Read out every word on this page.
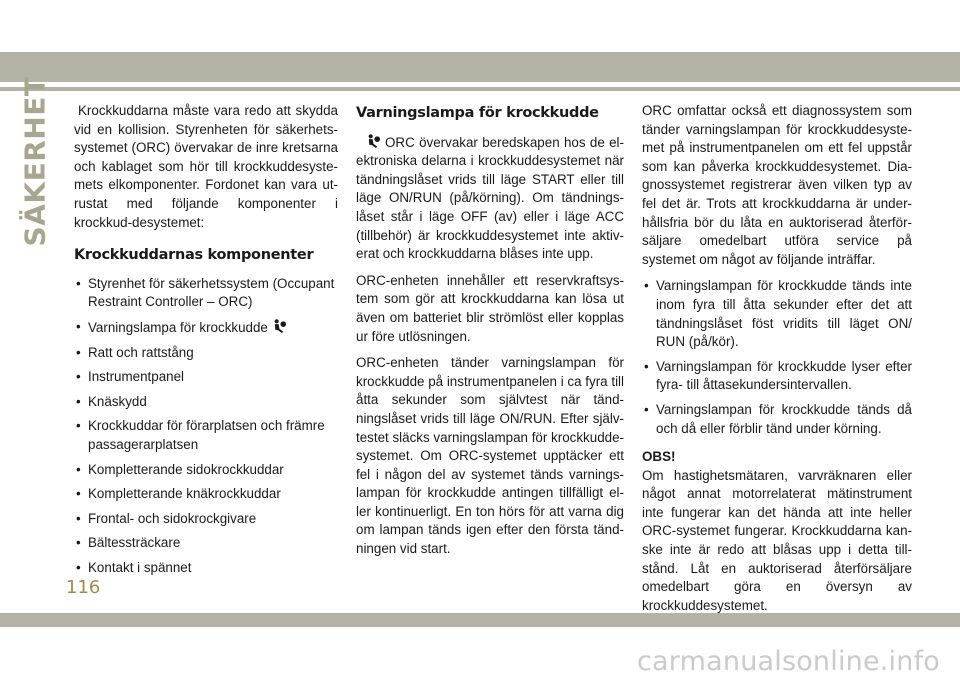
SÄKERHET Krockkuddarna måste vara redo att skydda vid en kollision. Styrenheten för säkerhets-systemet (ORC) övervakar de inre kretsarna och kablaget som hör till krockkuddesyste-mets elkomponenter. Fordonet kan vara ut-rustat med följande komponenter i krockkud-desystemet:

Krockkuddarnas komponenter
• Styrenhet för säkerhetssystem (Occupant Restraint Controller – ORC)
• Varningslampa för krockkudde
• Ratt och rattstång
• Instrumentpanel
• Knäskydd
• Krockkuddar för förarplatsen och främre passagerarplatsen
• Kompletterande sidokrockkuddar
• Kompletterande knäkrockkuddar
• Frontal- och sidokrockgivare
• Bältessträckare
• Kontakt i spännet
Varningslampa för krockkudde

ORC övervakar beredskapen hos de el-ektroniska delarna i krockkuddesystemet när tändningslåset vrids till läge START eller till läge ON/RUN (på/körning). Om tändnings-låset står i läge OFF (av) eller i läge ACC (tillbehör) är krockkuddesystemet inte aktiv-erat och krockkuddarna blåses inte upp.

ORC-enheten innehåller ett reservkraftsys-tem som gör att krockkuddarna kan lösa ut även om batteriet blir strömlöst eller kopplas ur före utlösningen.

ORC-enheten tänder varningslampan för krockkudde på instrumentpanelen i ca fyra till åtta sekunder som självtest när tänd-ningslåset vrids till läge ON/RUN. Efter själv-testet släcks varningslampan för krockkudde-systemet. Om ORC-systemet upptäcker ett fel i någon del av systemet tänds varnings-lampan för krockkudde antingen tillfälligt el-ler kontinuerligt. En ton hörs för att varna dig om lampan tänds igen efter den första tänd-ningen vid start.

ORC omfattar också ett diagnossystem som tänder varningslampan för krockkuddesyste-met på instrumentpanelen om ett fel uppstår som kan påverka krockkuddesystemet. Dia-gnossystemet registrerar även vilken typ av fel det är. Trots att krockkuddarna är under-hållsfria bör du låta en auktoriserad återför-säljare omedelbart utföra service på systemet om något av följande inträffar.

• Varningslampan för krockkudde tänds inte inom fyra till åtta sekunder efter det att tändningslåset föst vridits till läget ON/ RUN (på/kör).
• Varningslampan för krockkudde lyser efter fyra- till åttasekundersintervallen.
• Varningslampan för krockkudde tänds då och då eller förblir tänd under körning.
OBS!

Om hastighetsmätaren, varvräknaren eller något annat motorrelaterat mätinstrument inte fungerar kan det hända att inte heller ORC-systemet fungerar. Krockkuddarna kan-ske inte är redo att blåsas upp i detta till-stånd. Låt en auktoriserad återförsäljare omedelbart göra en översyn av krockkuddesystemet.

116
carmanualsonline.info
